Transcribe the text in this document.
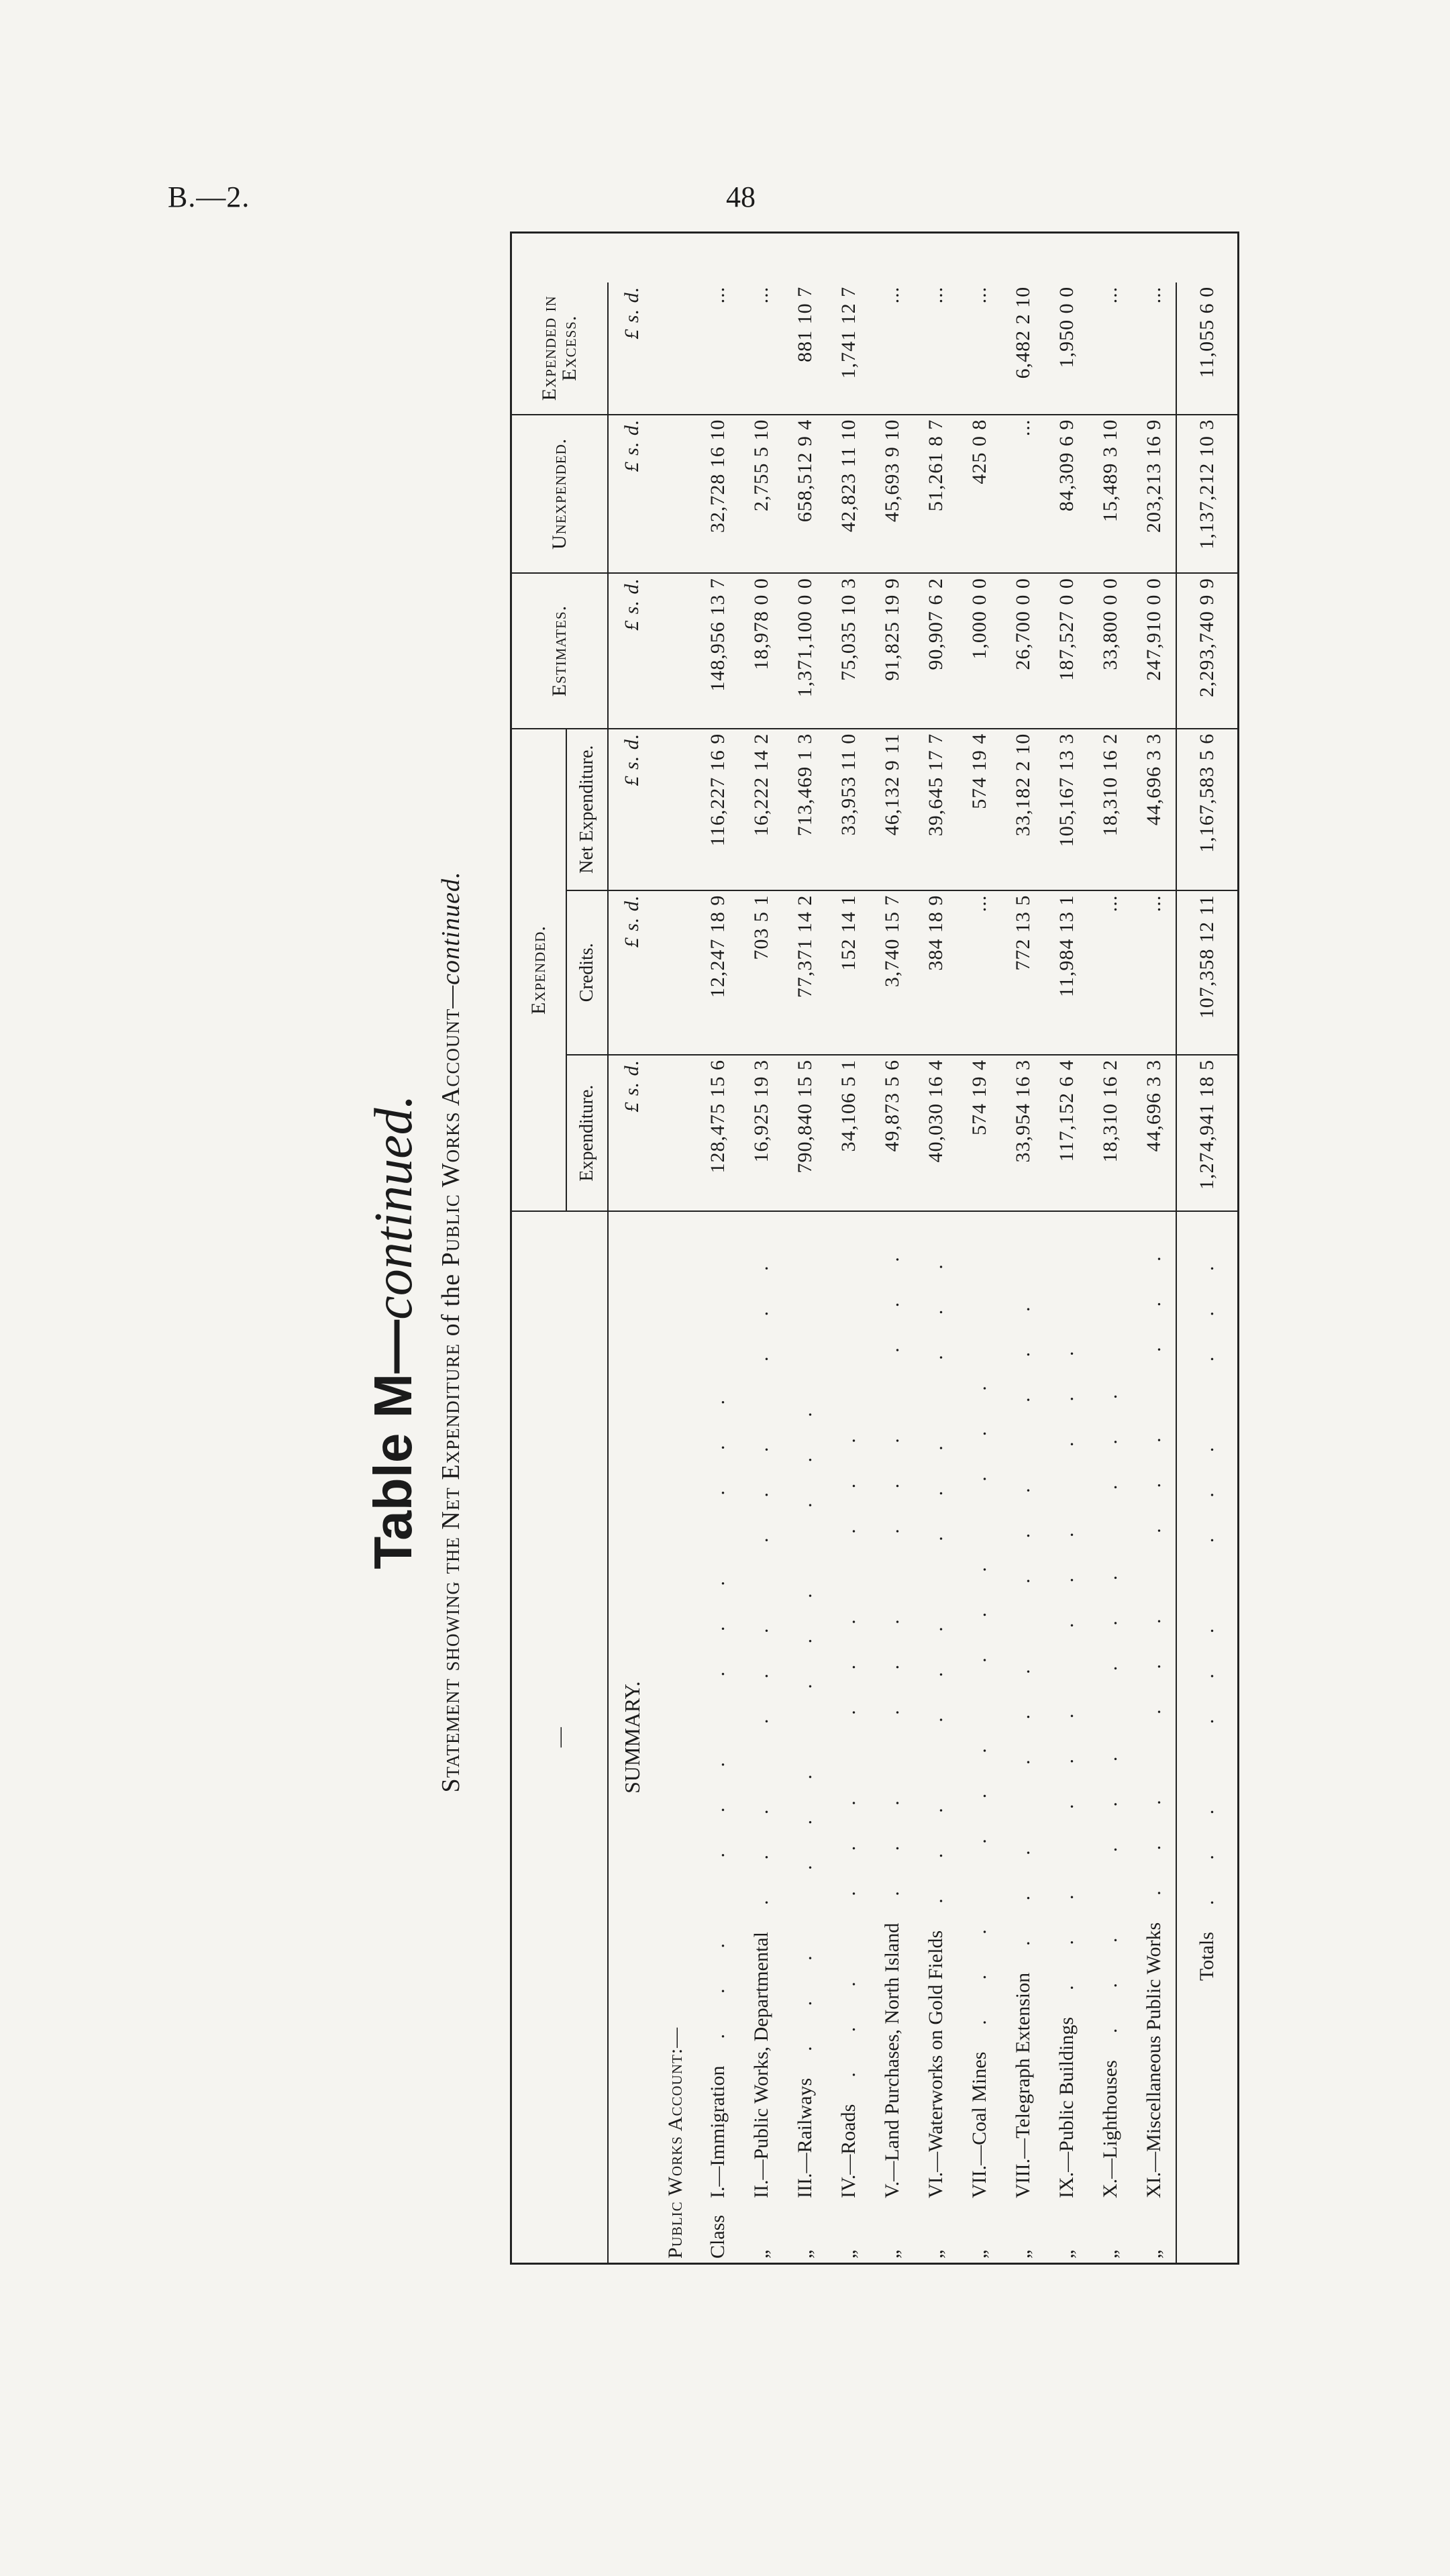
B.—2.	48
Table M—continued.
Statement showing the Net Expenditure of the Public Works Account—continued.
—	Expended.			Estimates.	Unexpended.	Expended in Excess.
	Expenditure.	Credits.	Net Expenditure.			
SUMMARY.	£ s. d.	£ s. d.	£ s. d.	£ s. d.	£ s. d.	£ s. d.
Public Works Account:—						
ClassI.—Immigration... ... ... ...	128,475 15 6	12,247 18 9	116,227 16 9	148,956 13 7	32,728 16 10	...
„II.—Public Works, Departmental... ... ... ...	16,925 19 3	703 5 1	16,222 14 2	18,978 0 0	2,755 5 10	...
„III.—Railways... ... ... ...	790,840 15 5	77,371 14 2	713,469 1 3	1,371,100 0 0	658,512 9 4	881 10 7
„IV.—Roads... ... ... ...	34,106 5 1	152 14 1	33,953 11 0	75,035 10 3	42,823 11 10	1,741 12 7
„V.—Land Purchases, North Island... ... ... ...	49,873 5 6	3,740 15 7	46,132 9 11	91,825 19 9	45,693 9 10	...
„VI.—Waterworks on Gold Fields... ... ... ...	40,030 16 4	384 18 9	39,645 17 7	90,907 6 2	51,261 8 7	...
„VII.—Coal Mines... ... ... ...	574 19 4	...	574 19 4	1,000 0 0	425 0 8	...
„VIII.—Telegraph Extension... ... ... ...	33,954 16 3	772 13 5	33,182 2 10	26,700 0 0	...	6,482 2 10
„IX.—Public Buildings... ... ... ...	117,152 6 4	11,984 13 1	105,167 13 3	187,527 0 0	84,309 6 9	1,950 0 0
„X.—Lighthouses... ... ... ...	18,310 16 2	...	18,310 16 2	33,800 0 0	15,489 3 10	...
„XI.—Miscellaneous Public Works... ... ... ...	44,696 3 3	...	44,696 3 3	247,910 0 0	203,213 16 9	...
Totals... ... ... ...	1,274,941 18 5	107,358 12 11	1,167,583 5 6	2,293,740 9 9	1,137,212 10 3	11,055 6 0
